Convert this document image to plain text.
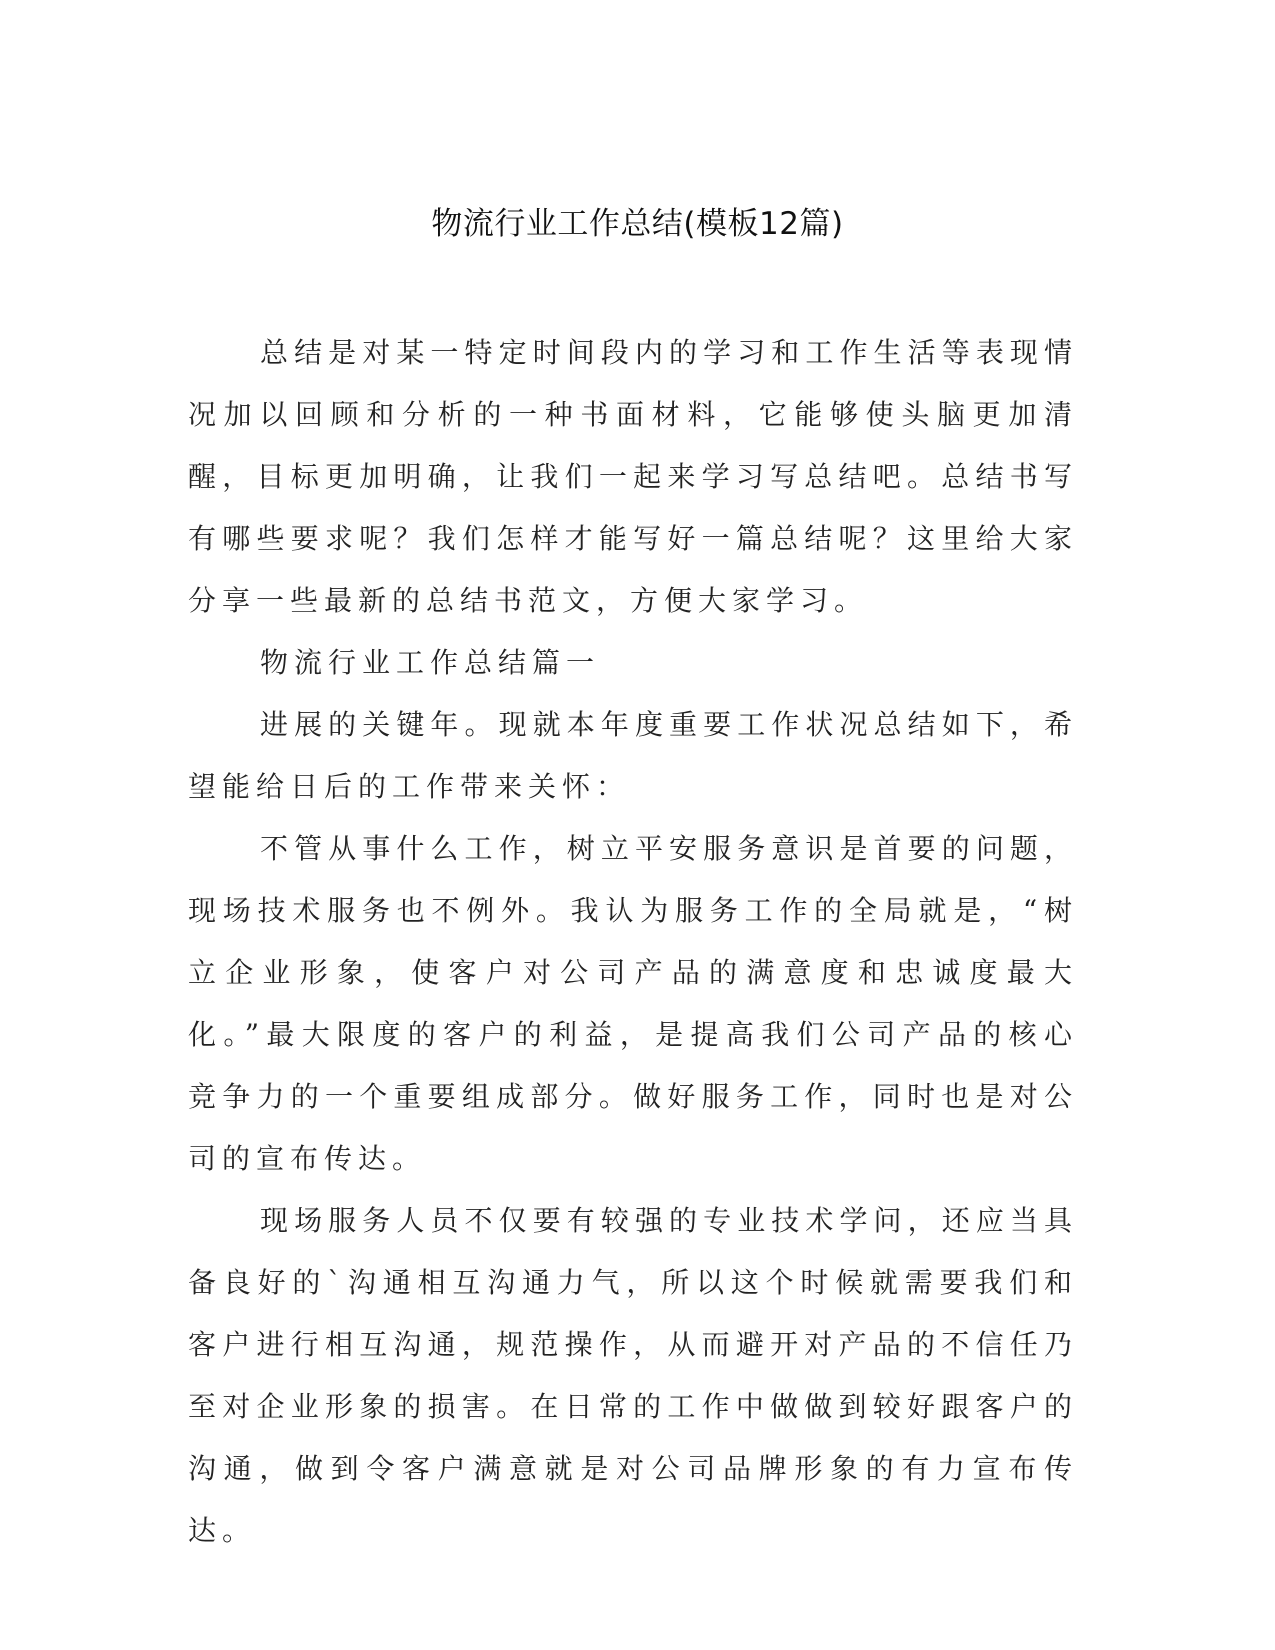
物流行业工作总结(模板12篇)

总结是对某一特定时间段内的学习和工作生活等表现情况加以回顾和分析的一种书面材料，它能够使头脑更加清醒，目标更加明确，让我们一起来学习写总结吧。总结书写有哪些要求呢？我们怎样才能写好一篇总结呢？这里给大家分享一些最新的总结书范文，方便大家学习。

物流行业工作总结篇一

进展的关键年。现就本年度重要工作状况总结如下，希望能给日后的工作带来关怀：

不管从事什么工作，树立平安服务意识是首要的问题，现场技术服务也不例外。我认为服务工作的全局就是，“树立企业形象，使客户对公司产品的满意度和忠诚度最大化。”最大限度的客户的利益，是提高我们公司产品的核心竞争力的一个重要组成部分。做好服务工作，同时也是对公司的宣布传达。

现场服务人员不仅要有较强的专业技术学问，还应当具备良好的`沟通相互沟通力气，所以这个时候就需要我们和客户进行相互沟通，规范操作，从而避开对产品的不信任乃至对企业形象的损害。在日常的工作中做做到较好跟客户的沟通，做到令客户满意就是对公司品牌形象的有力宣布传达。
